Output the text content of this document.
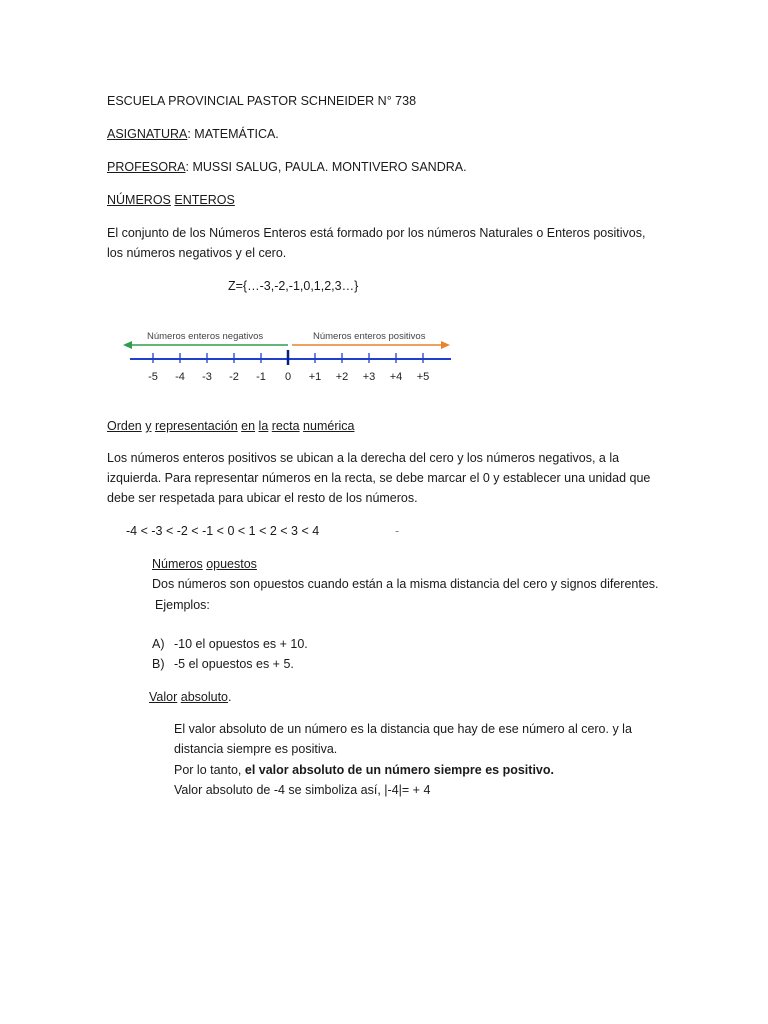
ESCUELA PROVINCIAL PASTOR SCHNEIDER N° 738

ASIGNATURA: MATEMÁTICA.

PROFESORA: MUSSI SALUG, PAULA. MONTIVERO SANDRA.

NÚMEROS ENTEROS

El conjunto de los Números Enteros está formado por los números Naturales o Enteros positivos,

los números negativos y el cero.

Z={…-3,-2,-1,0,1,2,3…}

Números enteros negativos	Números enteros positivos
-5 -4 -3 -2 -1 0 +1 +2 +3 +4 +5

Orden y representación en la recta numérica

Los números enteros positivos se ubican a la derecha del cero y los números negativos, a la

izquierda. Para representar números en la recta, se debe marcar el 0 y establecer una unidad que

debe ser respetada para ubicar el resto de los números.

-4 < -3 < -2 < -1 < 0 < 1 < 2 < 3 < 4	-

Números opuestos

Dos números son opuestos cuando están a la misma distancia del cero y signos diferentes.

Ejemplos:

A) -10 el opuestos es + 10.

B) -5 el opuestos es + 5.

Valor absoluto.

El valor absoluto de un número es la distancia que hay de ese número al cero. y la

distancia siempre es positiva.

Por lo tanto, el valor absoluto de un número siempre es positivo.

Valor absoluto de -4 se simboliza así, |-4|= + 4
